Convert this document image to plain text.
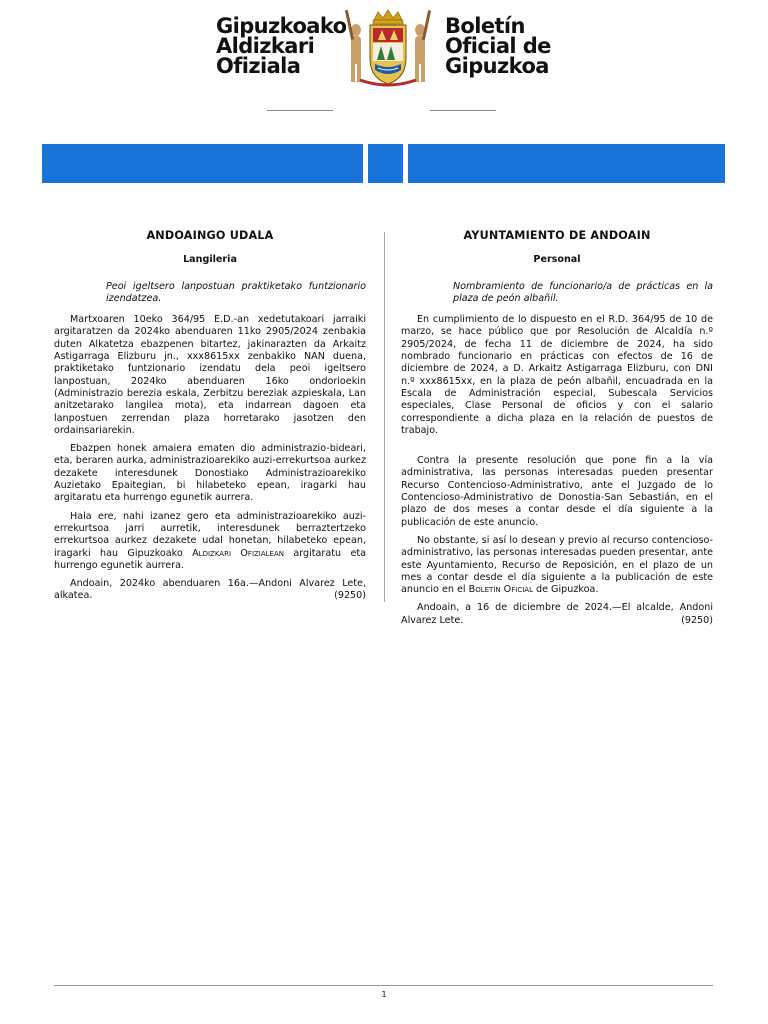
Gipuzkoako
Aldizkari
Ofiziala
Boletín
Oficial de
Gipuzkoa
ANDOAINGO UDALA
Langileria
Peoi igeltsero lanpostuan praktiketako funtzionario izendatzea.

Martxoaren 10eko 364/95 E.D.-an xedetutakoari jarraiki argitaratzen da 2024ko abenduaren 11ko 2905/2024 zenbakia duten Alkatetza ebazpenen bitartez, jakinarazten da Arkaitz Astigarraga Elizburu jn., xxx8615xx zenbakiko NAN duena, praktiketako funtzionario izendatu dela peoi igeltsero lanpostuan, 2024ko abenduaren 16ko ondorioekin (Administrazio berezia eskala, Zerbitzu bereziak azpieskala, Lan anitzetarako langilea mota), eta indarrean dagoen eta lanpostuen zerrendan plaza horretarako jasotzen den ordainsariarekin.

Ebazpen honek amaiera ematen dio administrazio-bideari, eta, beraren aurka, administrazioarekiko auzi-errekurtsoa aurkez dezakete interesdunek Donostiako Administrazioarekiko Auzietako Epaitegian, bi hilabeteko epean, iragarki hau argitaratu eta hurrengo egunetik aurrera.

Hala ere, nahi izanez gero eta administrazioarekiko auzi-errekurtsoa jarri aurretik, interesdunek berraztertzeko errekurtsoa aurkez dezakete udal honetan, hilabeteko epean, iragarki hau Gipuzkoako Aldizkari Ofizialean argitaratu eta hurrengo egunetik aurrera.

Andoain, 2024ko abenduaren 16a.—Andoni Alvarez Lete, alkatea.	(9250)

AYUNTAMIENTO DE ANDOAIN
Personal
Nombramiento de funcionario/a de prácticas en la plaza de peón albañil.

En cumplimiento de lo dispuesto en el R.D. 364/95 de 10 de marzo, se hace público que por Resolución de Alcaldía n.º 2905/2024, de fecha 11 de diciembre de 2024, ha sido nombrado funcionario en prácticas con efectos de 16 de diciembre de 2024, a D. Arkaitz Astigarraga Elizburu, con DNI n.º xxx8615xx, en la plaza de peón albañil, encuadrada en la Escala de Administración especial, Subescala Servicios especiales, Clase Personal de oficios y con el salario correspondiente a dicha plaza en la relación de puestos de trabajo.

Contra la presente resolución que pone fin a la vía administrativa, las personas interesadas pueden presentar Recurso Contencioso-Administrativo, ante el Juzgado de lo Contencioso-Administrativo de Donostia-San Sebastián, en el plazo de dos meses a contar desde el día siguiente a la publicación de este anuncio.

No obstante, si así lo desean y previo al recurso contencioso-administrativo, las personas interesadas pueden presentar, ante este Ayuntamiento, Recurso de Reposición, en el plazo de un mes a contar desde el día siguiente a la publicación de este anuncio en el Boletín Oficial de Gipuzkoa.

Andoain, a 16 de diciembre de 2024.—El alcalde, Andoni Alvarez Lete.	(9250)

1
